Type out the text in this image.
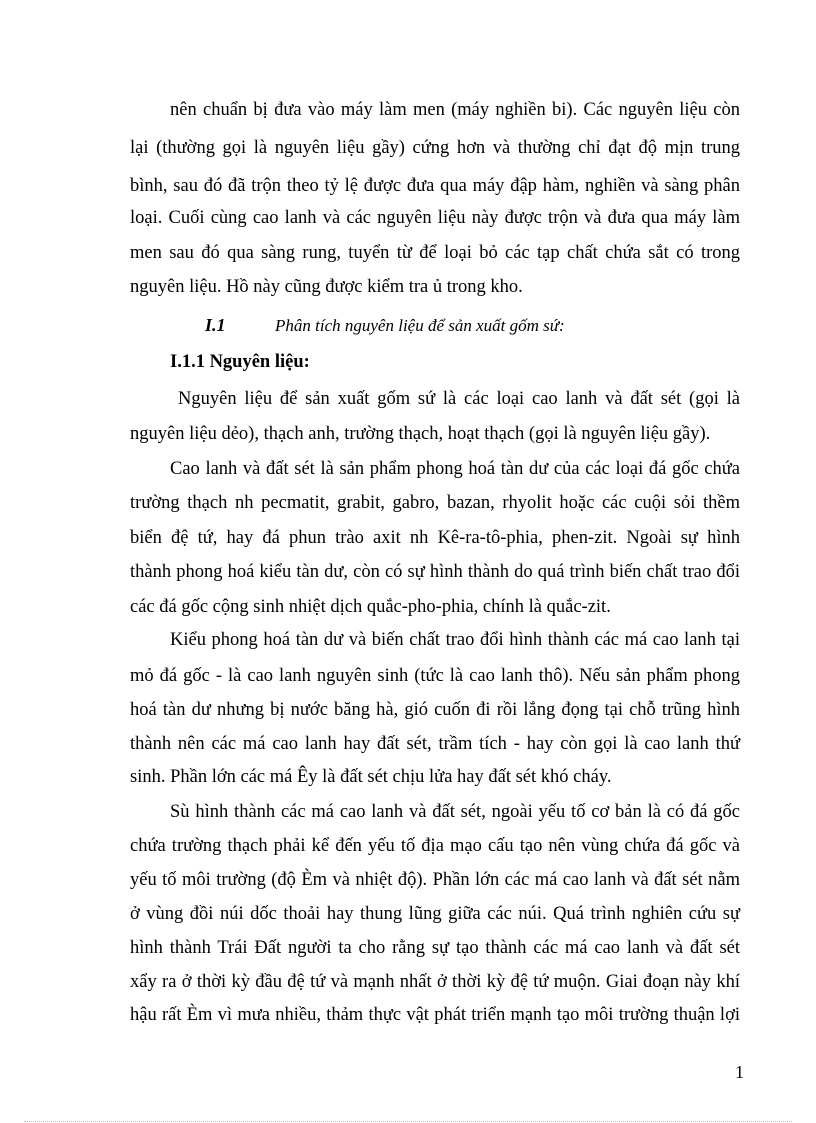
nên chuẩn bị đưa vào máy làm men (máy nghiền bi). Các nguyên liệu còn
lại (thường gọi là nguyên liệu gầy) cứng hơn và thường chỉ đạt độ mịn trung
bình, sau đó đã trộn theo tỷ lệ được đưa qua máy đập hàm, nghiền và sàng phân
loại. Cuối cùng cao lanh và các nguyên liệu này được trộn và đưa qua máy làm
men sau đó qua sàng rung, tuyển từ để loại bỏ các tạp chất chứa sắt có trong
nguyên liệu. Hồ này cũng được kiểm tra ủ trong kho.
I.1	Phân tích nguyên liệu để sản xuất gốm sứ:
I.1.1 Nguyên liệu:
Nguyên liệu để sản xuất gốm sứ là các loại cao lanh và đất sét (gọi là
nguyên liệu dẻo), thạch anh, trường thạch, hoạt thạch (gọi là nguyên liệu gầy).
Cao lanh và đất sét là sản phẩm phong hoá tàn dư của các loại đá gốc chứa
trường thạch nh pecmatit, grabit, gabro, bazan, rhyolit hoặc các cuội sỏi thềm
biển đệ tứ, hay đá phun trào axit nh Kê-ra-tô-phia, phen-zit. Ngoài sự hình
thành phong hoá kiểu tàn dư, còn có sự hình thành do quá trình biến chất trao đổi
các đá gốc cộng sinh nhiệt dịch quắc-pho-phia, chính là quắc-zit.
Kiểu phong hoá tàn dư và biến chất trao đổi hình thành các má cao lanh tại
mỏ đá gốc - là cao lanh nguyên sinh (tức là cao lanh thô). Nếu sản phẩm phong
hoá tàn dư nhưng bị nước băng hà, gió cuốn đi rồi lắng đọng tại chỗ trũng hình
thành nên các má cao lanh hay đất sét, trầm tích - hay còn gọi là cao lanh thứ
sinh. Phần lớn các má Êy là đất sét chịu lửa hay đất sét khó cháy.
Sù hình thành các má cao lanh và đất sét, ngoài yếu tố cơ bản là có đá gốc
chứa trường thạch phải kể đến yếu tố địa mạo cấu tạo nên vùng chứa đá gốc và
yếu tố môi trường (độ Èm và nhiệt độ). Phần lớn các má cao lanh và đất sét nằm
ở vùng đồi núi dốc thoải hay thung lũng giữa các núi. Quá trình nghiên cứu sự
hình thành Trái Đất người ta cho rằng sự tạo thành các má cao lanh và đất sét
xẩy ra ở thời kỳ đầu đệ tứ và mạnh nhất ở thời kỳ đệ tứ muộn. Giai đoạn này khí
hậu rất Èm vì mưa nhiều, thảm thực vật phát triển mạnh tạo môi trường thuận lợi
1
